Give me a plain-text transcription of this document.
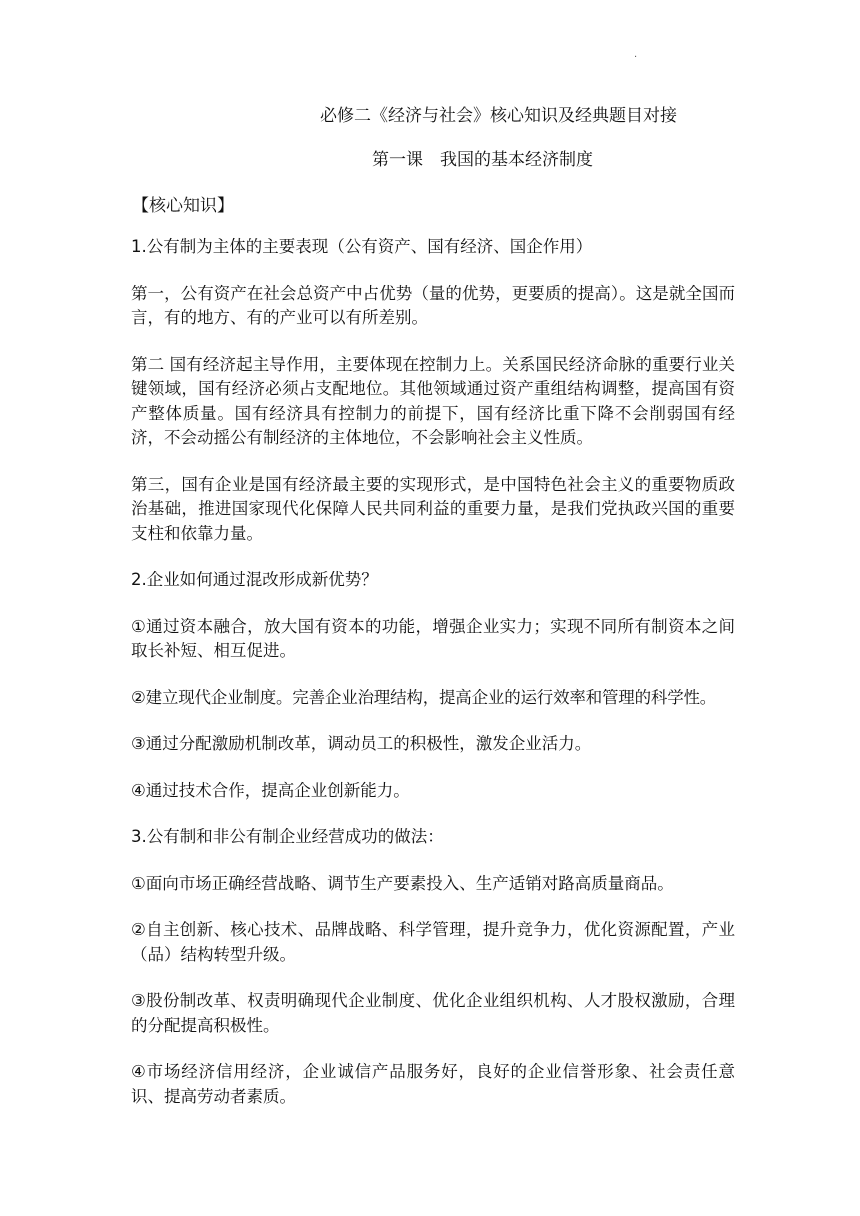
·
必修二《经济与社会》核心知识及经典题目对接
第一课　我国的基本经济制度
【核心知识】

1.公有制为主体的主要表现（公有资产、国有经济、国企作用）

第一，公有资产在社会总资产中占优势（量的优势，更要质的提高）。这是就全国而言，有的地方、有的产业可以有所差别。

第二 国有经济起主导作用，主要体现在控制力上。关系国民经济命脉的重要行业关键领域，国有经济必须占支配地位。其他领域通过资产重组结构调整，提高国有资产整体质量。国有经济具有控制力的前提下，国有经济比重下降不会削弱国有经济，不会动摇公有制经济的主体地位，不会影响社会主义性质。

第三，国有企业是国有经济最主要的实现形式，是中国特色社会主义的重要物质政治基础，推进国家现代化保障人民共同利益的重要力量，是我们党执政兴国的重要支柱和依靠力量。

2.企业如何通过混改形成新优势？

①通过资本融合，放大国有资本的功能，增强企业实力；实现不同所有制资本之间取长补短、相互促进。

②建立现代企业制度。完善企业治理结构，提高企业的运行效率和管理的科学性。

③通过分配激励机制改革，调动员工的积极性，激发企业活力。

④通过技术合作，提高企业创新能力。

3.公有制和非公有制企业经营成功的做法：

①面向市场正确经营战略、调节生产要素投入、生产适销对路高质量商品。

②自主创新、核心技术、品牌战略、科学管理，提升竞争力，优化资源配置，产业（品）结构转型升级。

③股份制改革、权责明确现代企业制度、优化企业组织机构、人才股权激励，合理的分配提高积极性。

④市场经济信用经济，企业诚信产品服务好，良好的企业信誉形象、社会责任意识、提高劳动者素质。
